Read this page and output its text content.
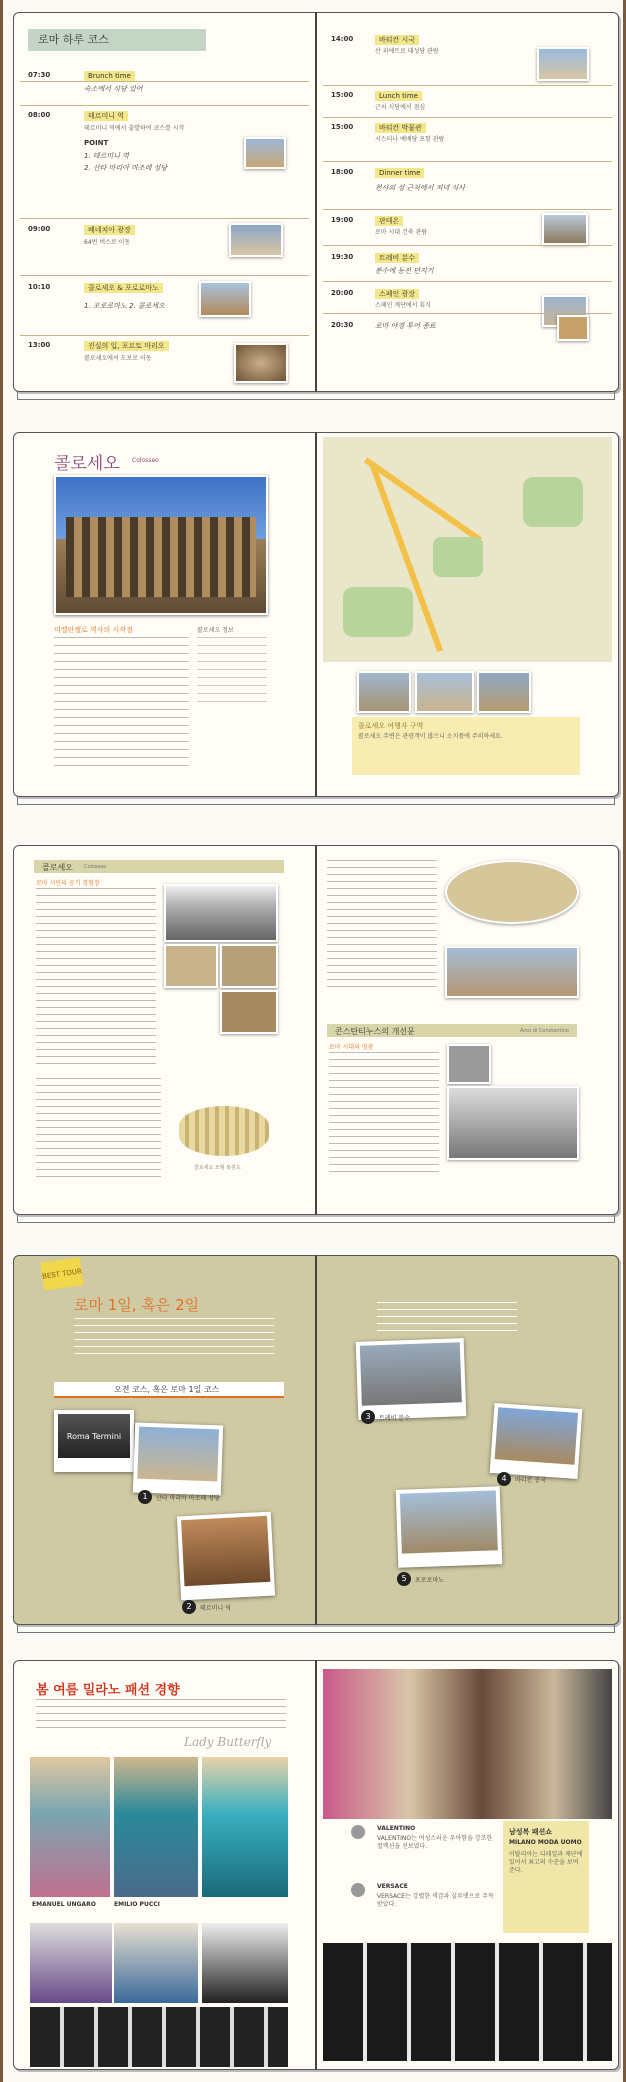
로마 하루 코스
07:30	Brunch time
숙소에서 식당 있어
08:00	테르미니 역
테르미니 역에서 출발하여 코스를 시작
POINT
1. 테르미니 역
2. 산타 마리아 마조레 성당
09:00	베네치아 광장
64번 버스로 이동
10:10	콜로세오 & 포로로마노
1. 포로로마노 2. 콜로세오
13:00	진실의 입, 포르토 마리오
콜로세오에서 도보로 이동
14:00	바티칸 시국
산 피에트로 대성당 관람
15:00	Lunch time
근처 식당에서 점심
15:00	바티칸 박물관
시스티나 예배당 포함 관람
18:00	Dinner time
천사의 성 근처에서 저녁 식사
19:00	판테온
로마 시대 건축 관람
19:30	트레비 분수
분수에 동전 던지기
20:00	스페인 광장
스페인 계단에서 휴식
20:30	로마 야경 투어 종료
콜로세오 Colosseo
미켈란젤로 역사의 시작점	콜로세오 정보
콜로세오 여행자 구역
콜로세오 주변은 관광객이 많으니 소지품에 주의하세요.
콜로세오 Colosseo
로마 시민의 공기 경험장
콜로세오 모형 복원도
콘스탄티누스의 개선문	Arco di Constantino
로마 시대의 영광
BEST TOUR
로마 1일, 혹은 2일
오전 코스, 혹은 로마 1일 코스
Roma Termini
1	산타 마리아 마조레 성당
2	테르미니 역
3	트레비 분수
4	바티칸 공국
5	포로로마노
봄 여름 밀라노 패션 경향
Lady Butterfly
EMANUEL UNGARO	EMILIO PUCCI
VALENTINO
VALENTINO는 여성스러운 우아함을 강조한 컬렉션을 선보였다.
VERSACE
VERSACE는 강렬한 색감과 실루엣으로 주목받았다.
남성복 패션쇼
MILANO MODA UOMO
이탈리아는 디테일과 재단에 있어서 최고의 수준을 보여준다.
